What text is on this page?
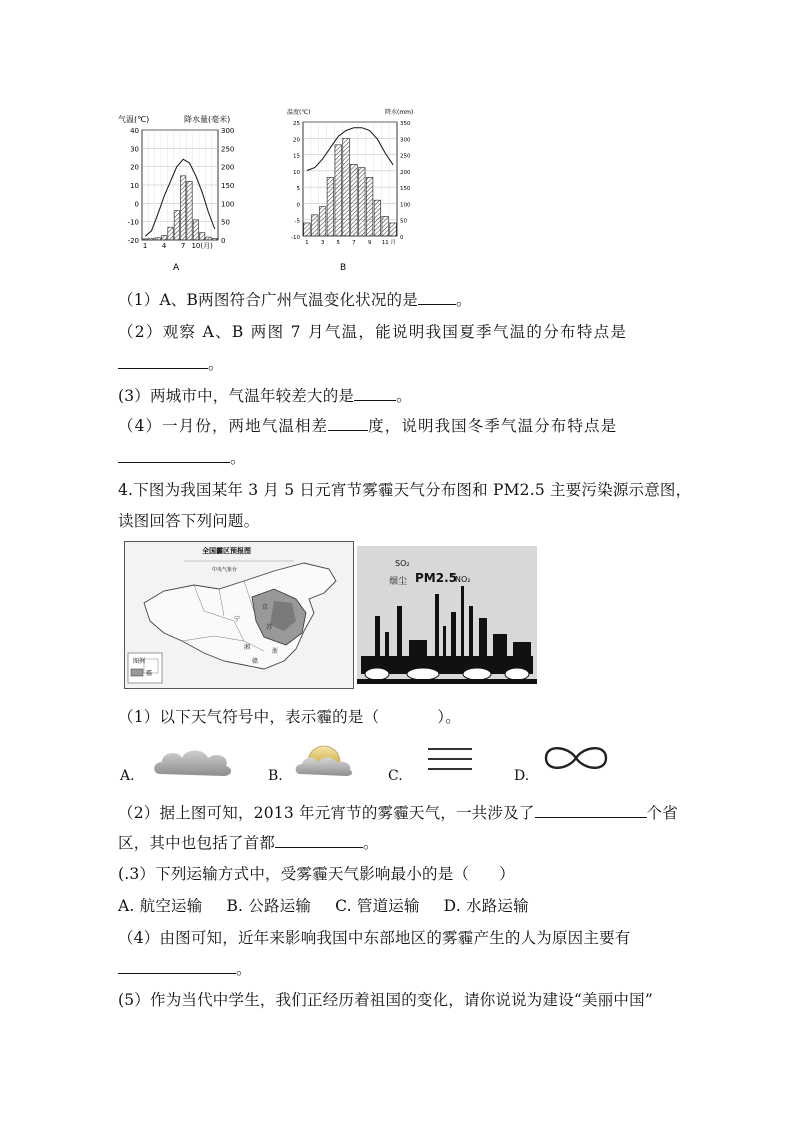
气温(℃)	降水量(毫米)
40
30
20
10
0
-10
-20
300
250
200
150
100
50
0
1 4 7 10(月)
A
温度(℃)	降水(mm)
25
20
15
10
5
0
-5
-10
350
300
250
200
150
100
50
0
1 3 5 7 9 11 月
B
（1）A、B两图符合广州气温变化状况的是 。
（2）观察 A、B 两图 7 月气温，能说明我国夏季气温的分布特点是
。
(3）两城市中，气温年较差大的是	。
（4）一月份，两地气温相差	度，说明我国冬季气温分布特点是
。
4.下图为我国某年 3 月 5 日元宵节雾霾天气分布图和 PM2.5 主要污染源示意图，
读图回答下列问题。
全国霾区预报图
中央气象台
宁
京
苏
湘
浙
赣
图例
霾
SO₂
烟尘 PM2.5
NO₂
（1）以下天气符号中，表示霾的是（	）。
A.	B.	C.	D.
（2）据上图可知，2013 年元宵节的雾霾天气，一共涉及了	个省
区，其中也包括了首都	。
(.3）下列运输方式中，受雾霾天气影响最小的是（ ）
A. 航空运输 B. 公路运输 C. 管道运输 D. 水路运输
（4）由图可知，近年来影响我国中东部地区的雾霾产生的人为原因主要有
。
(5）作为当代中学生，我们正经历着祖国的变化，请你说说为建设“美丽中国”
